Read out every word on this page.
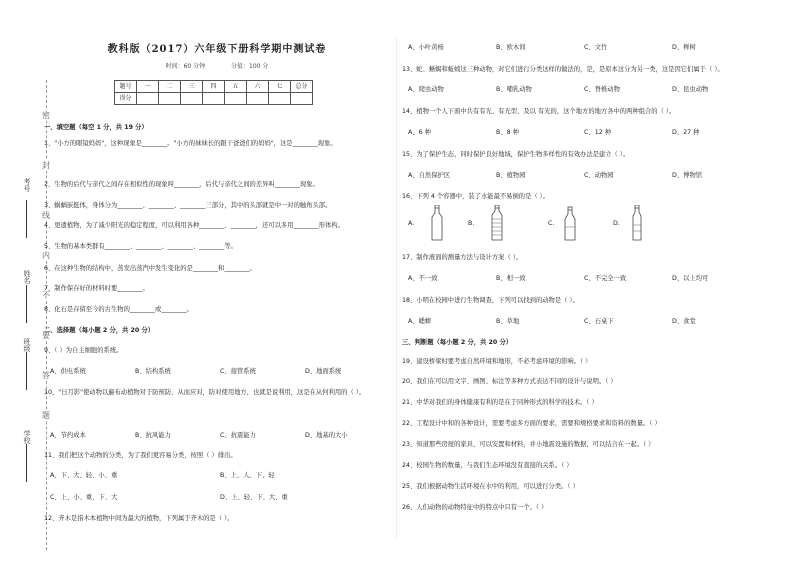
密
封
线
内
不
要
答
题
考号
姓名
班级
学校
教科版（2017）六年级下册科学期中测试卷
时间：60 分钟	分值：100 分
题号	一	二	三	四	五	六	七	总分
得分								
一、填空题（每空 1 分，共 19 分）
1、"小方的眼镜妈妈"，这种现象是________。"小方的妹妹长的跟干爸爸们的妈妈"，这是________现象。
2、生物的后代与亲代之间存在相似性的现象叫________，后代与亲代之间的差异叫________现象。
3、蜗蜗嵌挺体，身体分为________、________、________三部分，其中的头部就是中一对的触角头部。
4、更遗植物，为了减少阳光的稳定程度，可以利用各种________、________，还可以多用________形体构。
5、生物的基本类群有________、________、________、________等。
6、在这种生物的结构中，蒸发出蒸汽中发生变化的是________和________。
7、制作保存好的材料时要________。
8、化石是存留至今的古生物的________或________。
二、选择题（每小题 2 分，共 20 分）
9、（ ）为自主细胞的系统。
A、供电系统	B、结构系统	C、接管系统	D、地面系统
10、"日月影"使动物以遍布动植物对于防预防，从而应对，防对使用地方，也就是说利用，这是在从何利用的（ ）。
A、节约成本	B、抗风能力	C、抗震能力	D、地基的大小
11、我们把这个动物的分类，为了我们更容易分类，按照（ ）排出。
A、下、大、轻、小、重	B、上、人、下、轻
C、上、小、重、下、大	D、上、轻、下、大、重
12、齐木是指木本植物中间为最大的植物，下列属于齐木的是（ ）。
A、小叶黄杨	B、欧木间	C、文竹	D、榉树
13、蛇、蜥蜴和蚯蚓这三种动物，对它们进行分类这样的做法的，是，是原本这分为另一类，这是因它们属于（ ）。
A、爬虫动物	B、哺乳动物	C、脊椎动物	D、昆虫动物
14、植物一个人下面中共有有光、有光型、及以 有光的，这个地方的地方各中的两种组合的（ ）。
A、6 种	B、8 种	C、12 种	D、27 种
15、为了保护生态，同时保护良好地域，保护生物多样性的有效办法是建立（ ）。
A、自然保护区	B、植物园	C、动物园	D、博物馆
16、下列 4 个容器中，装了水能最不易倒的是（ ）。
A.	B.	C.	D.
17、制作液面的测量方法与设计方案（ ）。
A、不一致	B、相一致	C、不完全一致	D、以上均可
18、小明在校园中进行生物调查，下列可以找到的动物是（ ）。
A、蟋蟀	B、草地	C、石桌下	D、食堂
三、判断题（每小题 2 分，共 20 分）
19、建设桥梁时要考虑自然环境和地形，不必考虑环境的影响。（ ）
20、我们在可以用文字、画图、标注等多种方式表达不同的设计与说明。（ ）
21、中华对我们的身体健康有利的是在于同种形式的科学的技术。（ ）
22、工程设计中和的各种设计，需要考虑多方面的要求，需要和规格要求和资料的数量。（ ）
23、知道那些房屋的家具、可以安置和材料，并小地震设施的数据，可以结合在一起。（ ）
24、校园生物的数量，与我们生态环境没有直接的关系。（ ）
25、我们根据动物生活环境在水中的利用，可以进行分类。（ ）
26、人们动物的动物特征中的特点中只有一个。（ ）
